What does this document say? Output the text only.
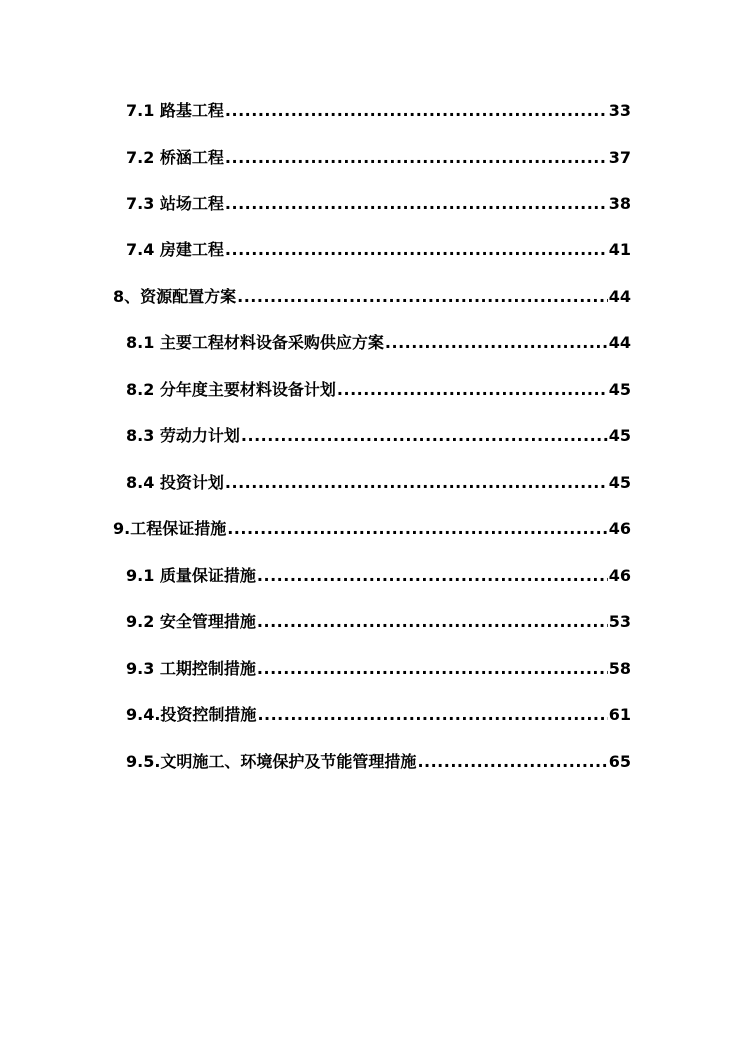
7.1 路基工程 .....	33
7.2 桥涵工程 .....	37
7.3 站场工程 .....	38
7.4 房建工程 .....	41
8、资源配置方案 .....	44
8.1 主要工程材料设备采购供应方案 .....	44
8.2 分年度主要材料设备计划 .....	45
8.3 劳动力计划 .....	45
8.4 投资计划 .....	45
9.工程保证措施 .....	46
9.1 质量保证措施 .....	46
9.2 安全管理措施 .....	53
9.3 工期控制措施 .....	58
9.4.投资控制措施 .....	61
9.5.文明施工、环境保护及节能管理措施 .....	65
